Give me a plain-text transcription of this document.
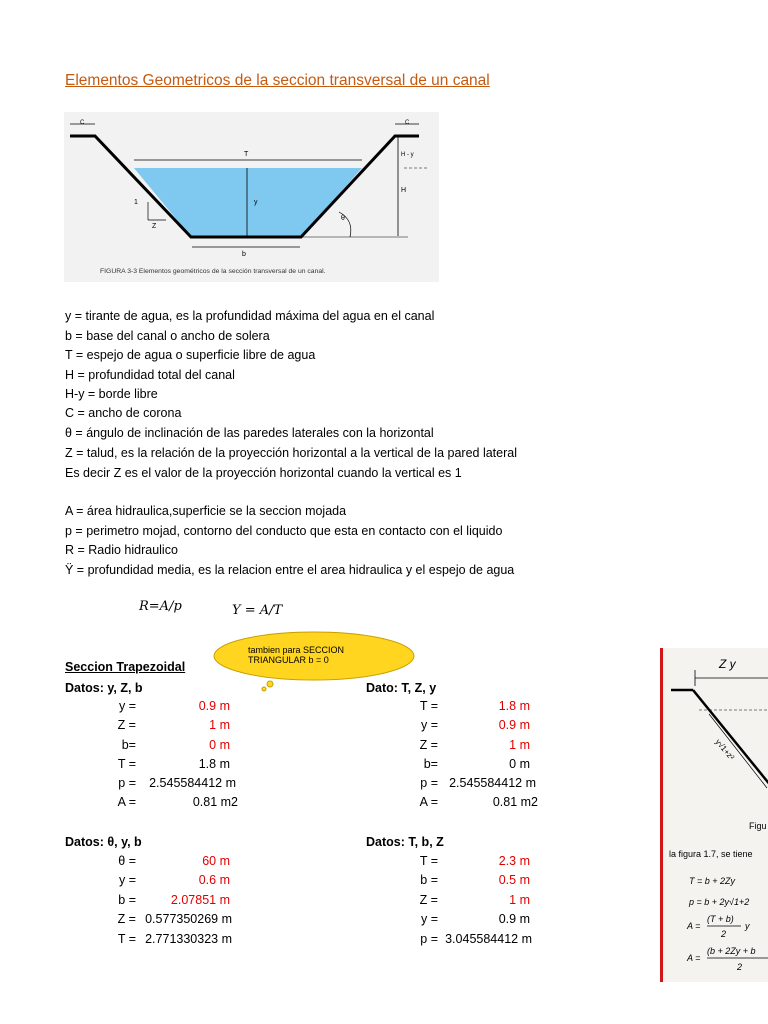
Elementos Geometricos de la seccion transversal de un canal
C	C
T
y
b
H
H - y
1
Z
θ
FIGURA 3-3 Elementos geométricos de la sección transversal de un canal.
y = tirante de agua, es la profundidad máxima del agua en el canal
b = base del canal o ancho de solera
T = espejo de agua o superficie libre de agua
H = profundidad total del canal
H-y = borde libre
C = ancho de corona
θ = ángulo de inclinación de las paredes laterales con la horizontal
Z = talud, es la relación de la proyección horizontal a la vertical de la pared lateral
Es decir Z es el valor de la proyección horizontal cuando la vertical es 1
A = área hidraulica,superficie se la seccion mojada
p = perimetro mojad, contorno del conducto que esta en contacto con el liquido
R = Radio hidraulico
Ÿ = profundidad media, es la relacion entre el area hidraulica y el espejo de agua
R=A/p	Y = A/T
tambien para SECCION TRIANGULAR b = 0
Seccion Trapezoidal
Datos: y, Z, b
y =	0.9 m
Z =	1 m
b=	0 m
T =	1.8 m
p =	2.545584412 m
A =	0.81 m2
Dato: T, Z, y
T =	1.8 m
y =	0.9 m
Z =	1 m
b=	0 m
p = 2.545584412 m
A =	0.81 m2
Datos: θ, y, b
θ =	60 m
y =	0.6 m
b =	2.07851 m
Z = 0.577350269 m
T = 2.771330323 m
Datos: T, b, Z
T =	2.3 m
b =	0.5 m
Z =	1 m
y =	0.9 m
p = 3.045584412 m
Z y
y√1+z²
Figu
la figura 1.7, se tiene
T = b + 2Zy
p = b + 2y√1+2
A =
(T + b)
2
y
A =
(b + 2Zy + b
2
